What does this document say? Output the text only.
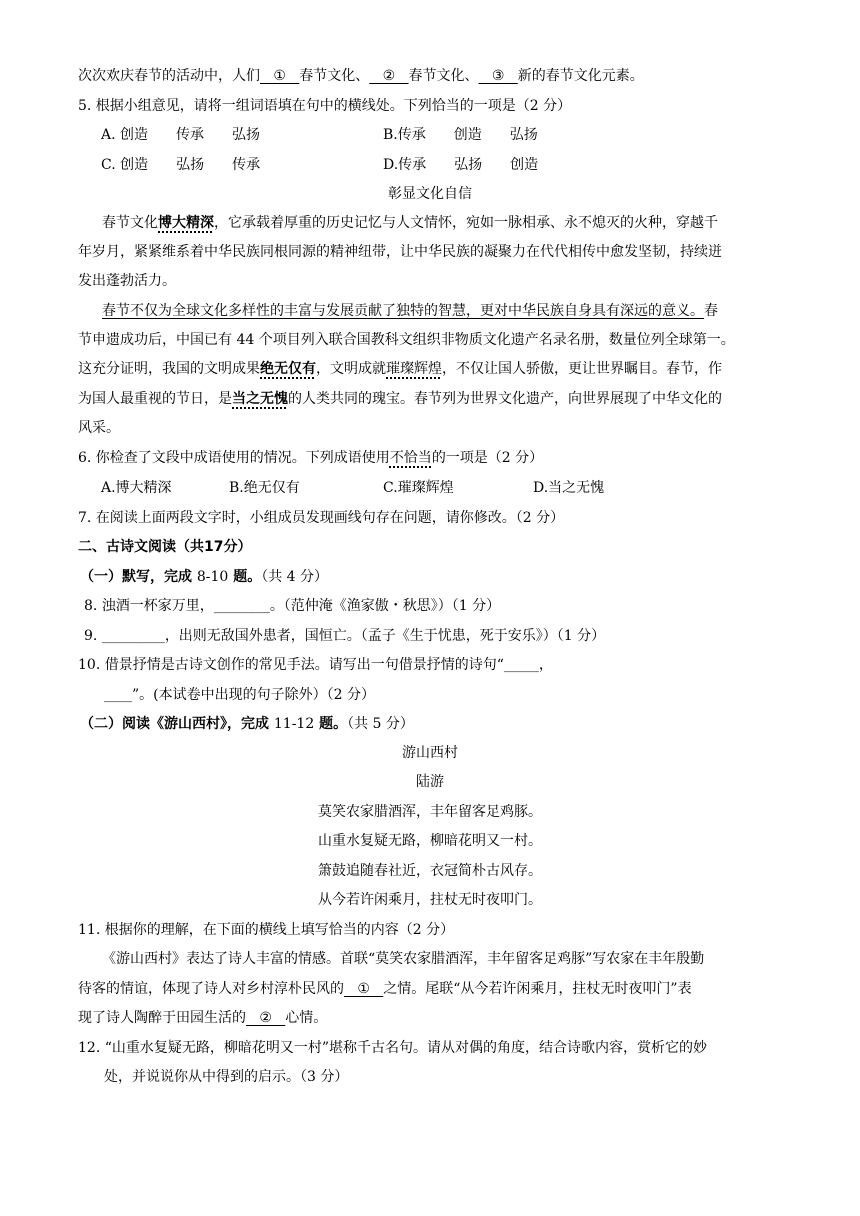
次次欢庆春节的活动中，人们   ①   春节文化、   ②   春节文化、   ③   新的春节文化元素。
5. 根据小组意见，请将一组词语填在句中的横线处。下列恰当的一项是（2 分）
A. 创造　　传承　　弘扬	B.传承　　创造　　弘扬
C. 创造　　弘扬　　传承	D.传承　　弘扬　　创造
彰显文化自信
春节文化博大精深，它承载着厚重的历史记忆与人文情怀，宛如一脉相承、永不熄灭的火种，穿越千
年岁月，紧紧维系着中华民族同根同源的精神纽带，让中华民族的凝聚力在代代相传中愈发坚韧，持续迸
发出蓬勃活力。
春节不仅为全球文化多样性的丰富与发展贡献了独特的智慧，更对中华民族自身具有深远的意义。春
节申遗成功后，中国已有 44 个项目列入联合国教科文组织非物质文化遗产名录名册，数量位列全球第一。
这充分证明，我国的文明成果绝无仅有，文明成就璀璨辉煌，不仅让国人骄傲，更让世界瞩目。春节，作
为国人最重视的节日，是当之无愧的人类共同的瑰宝。春节列为世界文化遗产，向世界展现了中华文化的
风采。
6. 你检查了文段中成语使用的情况。下列成语使用不恰当的一项是（2 分）
A.博大精深	B.绝无仅有	C.璀璨辉煌	D.当之无愧
7. 在阅读上面两段文字时，小组成员发现画线句存在问题，请你修改。（2 分）
二、古诗文阅读（共17分）
（一）默写，完成 8-10 题。（共 4 分）
8. 浊酒一杯家万里，________。（范仲淹《渔家傲・秋思》）（1 分）
9. _________，出则无敌国外患者，国恒亡。（孟子《生于忧患，死于安乐》）（1 分）
10. 借景抒情是古诗文创作的常见手法。请写出一句借景抒情的诗句“_____，
____”。(本试卷中出现的句子除外）（2 分）
（二）阅读《游山西村》，完成 11-12 题。（共 5 分）
游山西村
陆游
莫笑农家腊酒浑，丰年留客足鸡豚。
山重水复疑无路，柳暗花明又一村。
箫鼓追随春社近，衣冠简朴古风存。
从今若许闲乘月，拄杖无时夜叩门。
11. 根据你的理解，在下面的横线上填写恰当的内容（2 分）
《游山西村》表达了诗人丰富的情感。首联“莫笑农家腊酒浑，丰年留客足鸡豚”写农家在丰年殷勤
待客的情谊，体现了诗人对乡村淳朴民风的   ①   之情。尾联“从今若许闲乘月，拄杖无时夜叩门”表
现了诗人陶醉于田园生活的   ②   心情。
12. “山重水复疑无路，柳暗花明又一村”堪称千古名句。请从对偶的角度，结合诗歌内容，赏析它的妙
处，并说说你从中得到的启示。（3 分）
